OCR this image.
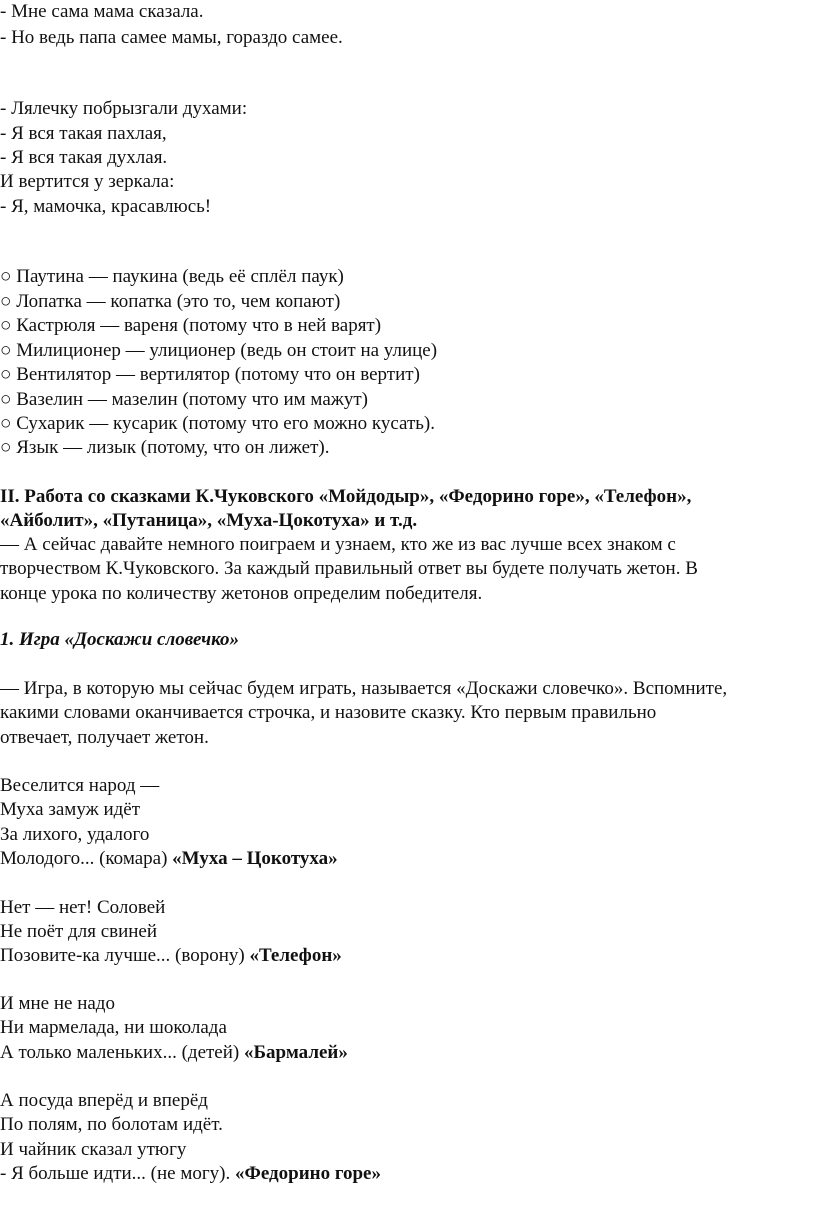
- Мне сама мама сказала.
- Но ведь папа самее мамы, гораздо самее.
- Лялечку побрызгали духами:
- Я вся такая пахлая,
- Я вся такая духлая.
И вертится у зеркала:
- Я, мамочка, красавлюсь!
○ Паутина — паукина (ведь её сплёл паук)
○ Лопатка — копатка (это то, чем копают)
○ Кастрюля — вареня (потому что в ней варят)
○ Милиционер — улиционер (ведь он стоит на улице)
○ Вентилятор — вертилятор (потому что он вертит)
○ Вазелин — мазелин (потому что им мажут)
○ Сухарик — кусарик (потому что его можно кусать).
○ Язык — лизык (потому, что он лижет).
II. Работа со сказками К.Чуковского «Мойдодыр», «Федорино горе», «Телефон»,
«Айболит», «Путаница», «Муха-Цокотуха» и т.д.
— А сейчас давайте немного поиграем и узнаем, кто же из вас лучше всех знаком с
творчеством К.Чуковского. За каждый правильный ответ вы будете получать жетон. В
конце урока по количеству жетонов определим победителя.
1. Игра «Доскажи словечко»
— Игра, в которую мы сейчас будем играть, называется «Доскажи словечко». Вспомните,
какими словами оканчивается строчка, и назовите сказку. Кто первым правильно
отвечает, получает жетон.
Веселится народ —
Муха замуж идёт
За лихого, удалого
Молодого... (комара) «Муха – Цокотуха»
Нет — нет! Соловей
Не поёт для свиней
Позовите-ка лучше... (ворону) «Телефон»
И мне не надо
Ни мармелада, ни шоколада
А только маленьких... (детей) «Бармалей»
А посуда вперёд и вперёд
По полям, по болотам идёт.
И чайник сказал утюгу
- Я больше идти... (не могу). «Федорино горе»
